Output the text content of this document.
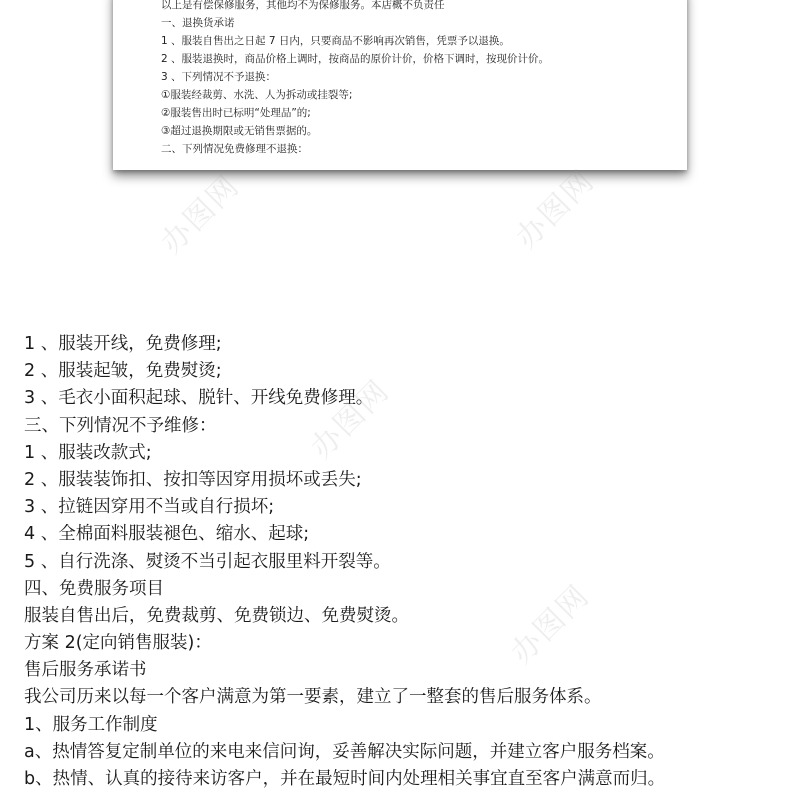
以上是有偿保修服务，其他均不为保修服务。本店概不负责任
一、退换货承诺
1 、服装自售出之日起 7 日内，只要商品不影响再次销售，凭票予以退换。
2 、服装退换时，商品价格上调时，按商品的原价计价，价格下调时，按现价计价。
3 、下列情况不予退换：
①服装经裁剪、水洗、人为拆动或挂裂等;
②服装售出时已标明“处理品”的;
③超过退换期限或无销售票据的。
二、下列情况免费修理不退换：
1 、服装开线，免费修理;
2 、服装起皱，免费熨烫;
3 、毛衣小面积起球、脱针、开线免费修理。
三、下列情况不予维修：
1 、服装改款式;
2 、服装装饰扣、按扣等因穿用损坏或丢失;
3 、拉链因穿用不当或自行损坏;
4 、全棉面料服装褪色、缩水、起球;
5 、自行洗涤、熨烫不当引起衣服里料开裂等。
四、免费服务项目
服装自售出后，免费裁剪、免费锁边、免费熨烫。
方案 2(定向销售服装)：
售后服务承诺书
我公司历来以每一个客户满意为第一要素，建立了一整套的售后服务体系。
1、服务工作制度
a、热情答复定制单位的来电来信问询，妥善解决实际问题，并建立客户服务档案。
b、热情、认真的接待来访客户，并在最短时间内处理相关事宜直至客户满意而归。
办图网	办图网
办图网
办图网
